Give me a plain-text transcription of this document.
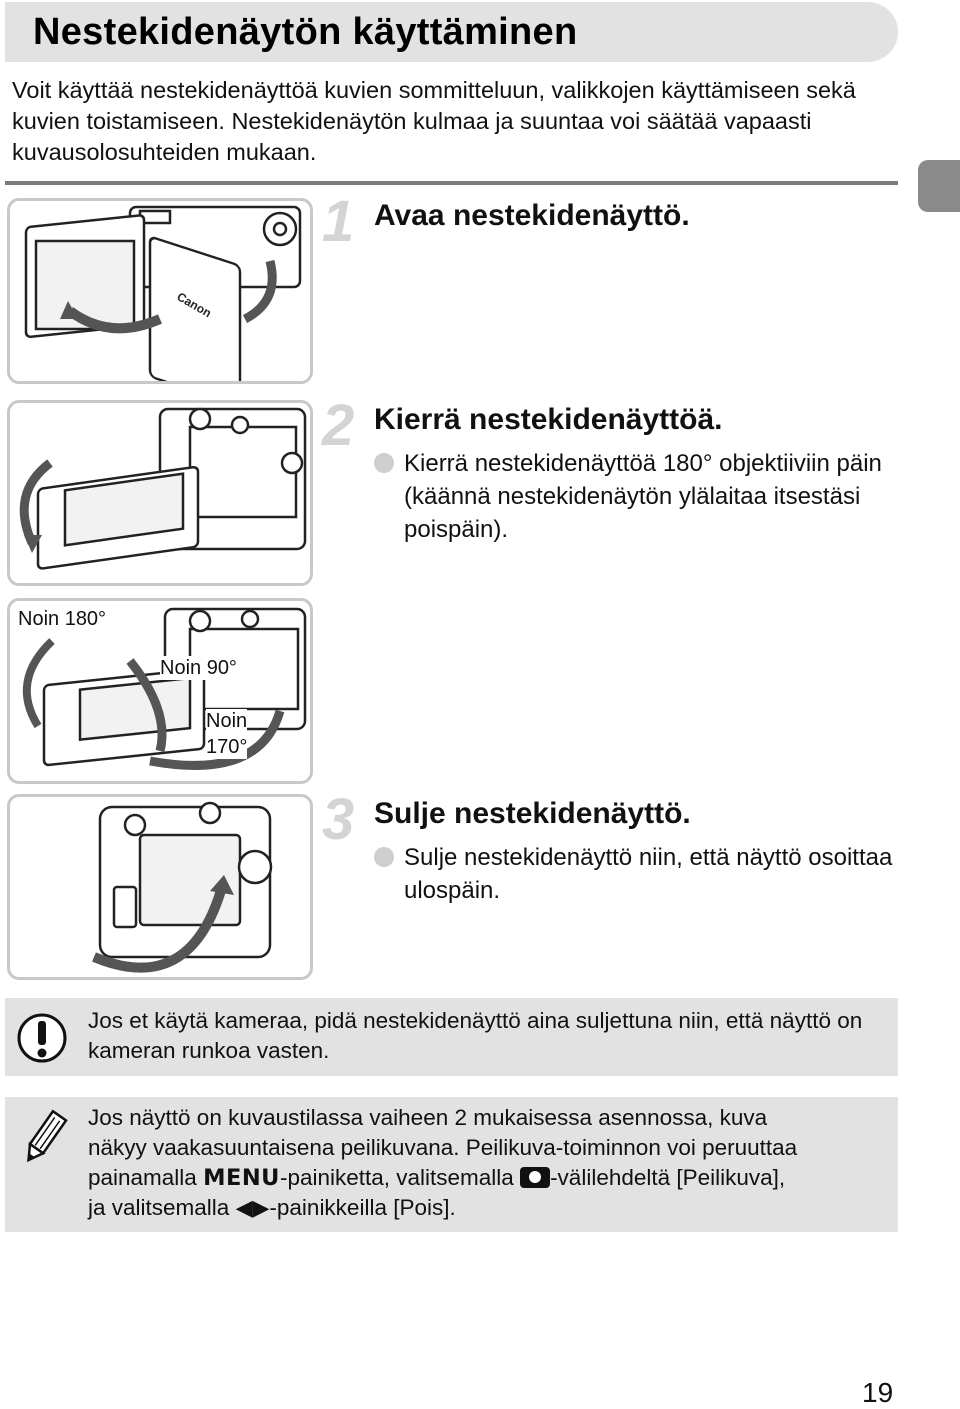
Nestekidenäytön käyttäminen
Voit käyttää nestekidenäyttöä kuvien sommitteluun, valikkojen käyttämiseen sekä kuvien toistamiseen. Nestekidenäytön kulmaa ja suuntaa voi säätää vapaasti kuvausolosuhteiden mukaan.
Canon
1 Avaa nestekidenäyttö.
2 Kierrä nestekidenäyttöä.
Kierrä nestekidenäyttöä 180° objektiiviin päin (käännä nestekidenäytön ylälaitaa itsestäsi poispäin).
Noin 180°
Noin 90°
Noin
170°
3 Sulje nestekidenäyttö.
Sulje nestekidenäyttö niin, että näyttö osoittaa ulospäin.
Jos et käytä kameraa, pidä nestekidenäyttö aina suljettuna niin, että näyttö on kameran runkoa vasten.
Jos näyttö on kuvaustilassa vaiheen 2 mukaisessa asennossa, kuva
näkyy vaakasuuntaisena peilikuvana. Peilikuva-toiminnon voi peruuttaa
painamalla MENU-painiketta, valitsemalla -välilehdeltä [Peilikuva],
ja valitsemalla ◀▶-painikkeilla [Pois].
19
